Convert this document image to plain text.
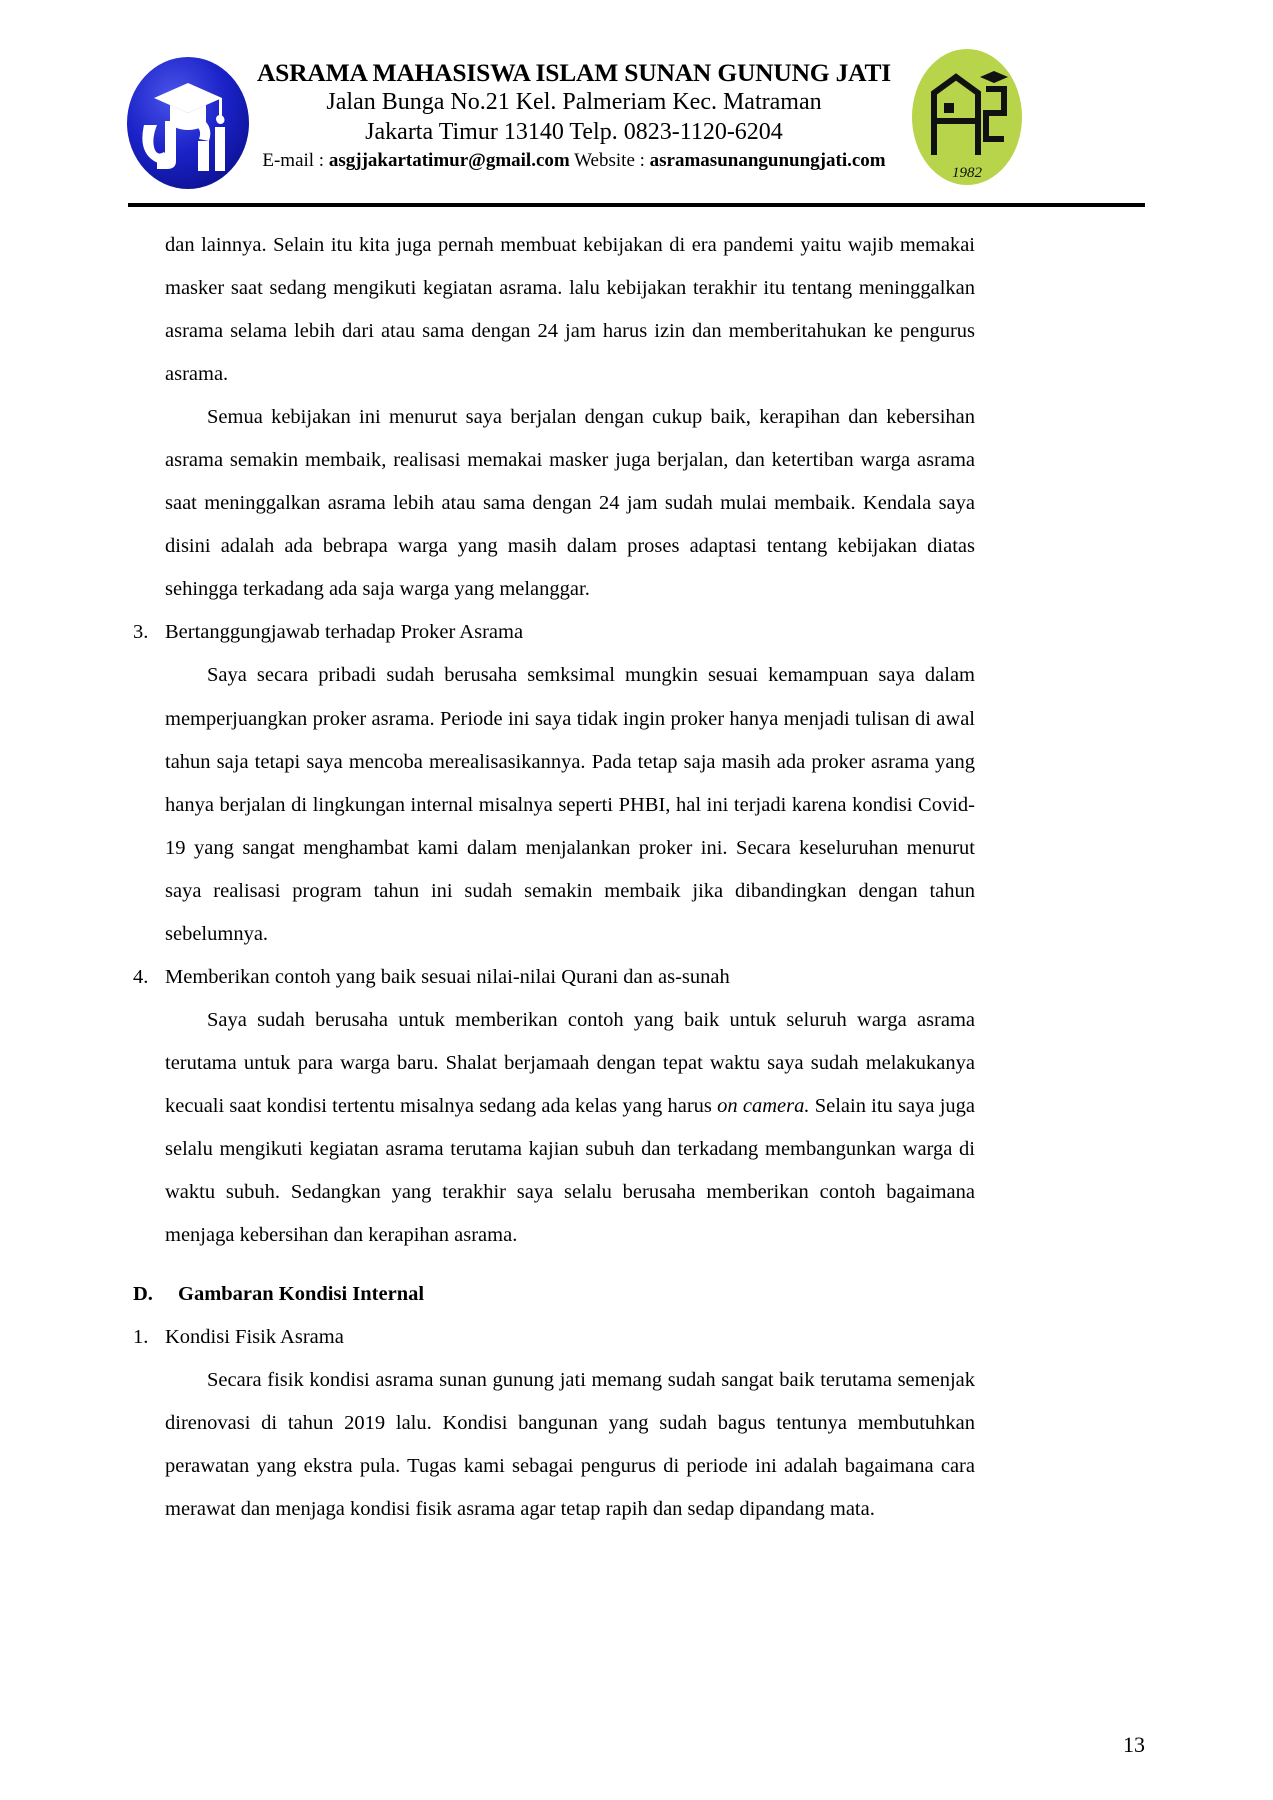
ASRAMA MAHASISWA ISLAM SUNAN GUNUNG JATI
Jalan Bunga No.21 Kel. Palmeriam Kec. Matraman
Jakarta Timur 13140 Telp. 0823-1120-6204
E-mail : asgjjakartatimur@gmail.com Website : asramasunangunungjati.com
1982

dan lainnya. Selain itu kita juga pernah membuat kebijakan di era pandemi yaitu wajib memakai masker saat sedang mengikuti kegiatan asrama. lalu kebijakan terakhir itu tentang meninggalkan asrama selama lebih dari atau sama dengan 24 jam harus izin dan memberitahukan ke pengurus asrama.

Semua kebijakan ini menurut saya berjalan dengan cukup baik, kerapihan dan kebersihan asrama semakin membaik, realisasi memakai masker juga berjalan, dan ketertiban warga asrama saat meninggalkan asrama lebih atau sama dengan 24 jam sudah mulai membaik. Kendala saya disini adalah ada bebrapa warga yang masih dalam proses adaptasi tentang kebijakan diatas sehingga terkadang ada saja warga yang melanggar.

3. Bertanggungjawab terhadap Proker Asrama

Saya secara pribadi sudah berusaha semksimal mungkin sesuai kemampuan saya dalam memperjuangkan proker asrama. Periode ini saya tidak ingin proker hanya menjadi tulisan di awal tahun saja tetapi saya mencoba merealisasikannya. Pada tetap saja masih ada proker asrama yang hanya berjalan di lingkungan internal misalnya seperti PHBI, hal ini terjadi karena kondisi Covid-19 yang sangat menghambat kami dalam menjalankan proker ini. Secara keseluruhan menurut saya realisasi program tahun ini sudah semakin membaik jika dibandingkan dengan tahun sebelumnya.

4. Memberikan contoh yang baik sesuai nilai-nilai Qurani dan as-sunah

Saya sudah berusaha untuk memberikan contoh yang baik untuk seluruh warga asrama terutama untuk para warga baru. Shalat berjamaah dengan tepat waktu saya sudah melakukanya kecuali saat kondisi tertentu misalnya sedang ada kelas yang harus on camera. Selain itu saya juga selalu mengikuti kegiatan asrama terutama kajian subuh dan terkadang membangunkan warga di waktu subuh. Sedangkan yang terakhir saya selalu berusaha memberikan contoh bagaimana menjaga kebersihan dan kerapihan asrama.

D.	Gambaran Kondisi Internal
1. Kondisi Fisik Asrama

Secara fisik kondisi asrama sunan gunung jati memang sudah sangat baik terutama semenjak direnovasi di tahun 2019 lalu. Kondisi bangunan yang sudah bagus tentunya membutuhkan perawatan yang ekstra pula. Tugas kami sebagai pengurus di periode ini adalah bagaimana cara merawat dan menjaga kondisi fisik asrama agar tetap rapih dan sedap dipandang mata.

13
